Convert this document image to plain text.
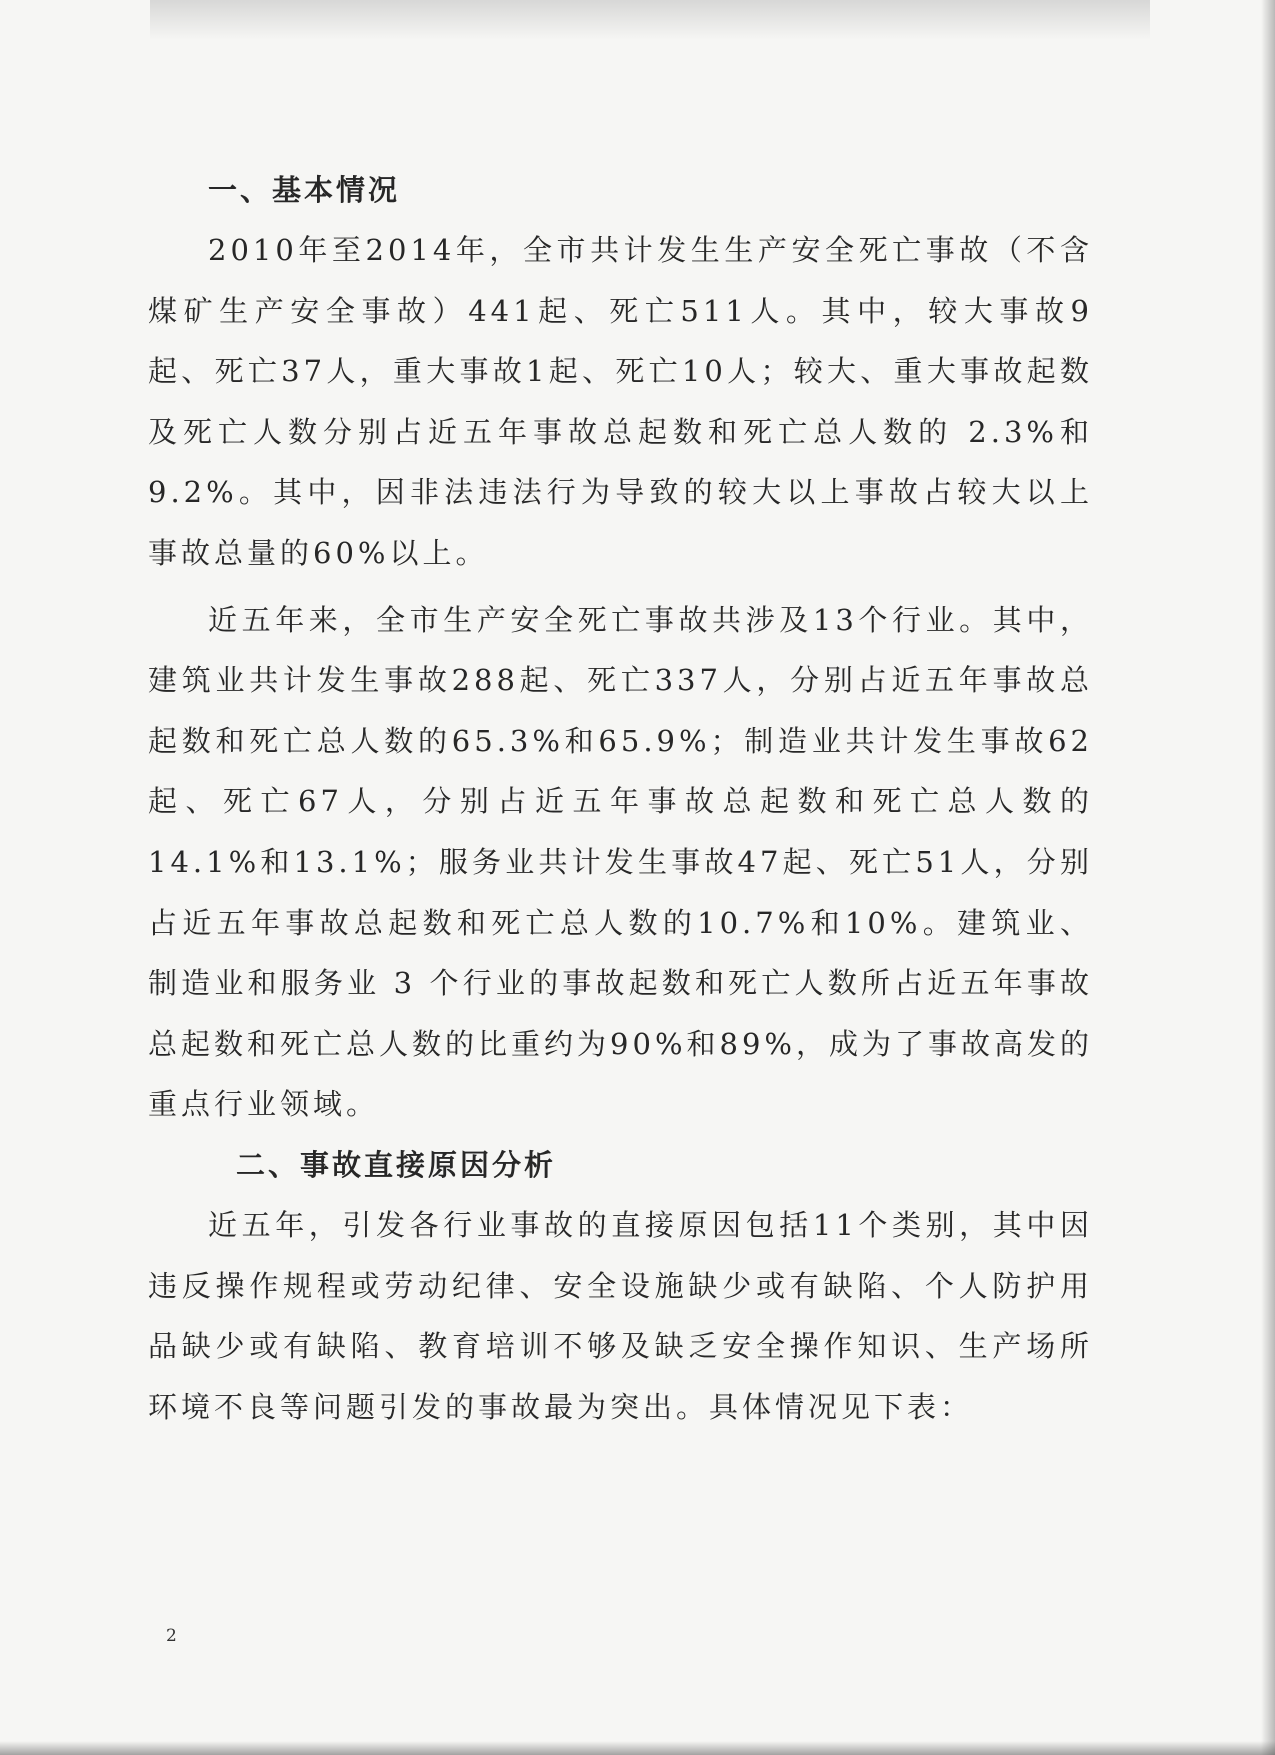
一、基本情况

2010年至2014年，全市共计发生生产安全死亡事故（不含煤矿生产安全事故）441起、死亡511人。其中，较大事故9起、死亡37人，重大事故1起、死亡10人；较大、重大事故起数及死亡人数分别占近五年事故总起数和死亡总人数的 2.3%和9.2%。其中，因非法违法行为导致的较大以上事故占较大以上事故总量的60%以上。

近五年来，全市生产安全死亡事故共涉及13个行业。其中，建筑业共计发生事故288起、死亡337人，分别占近五年事故总起数和死亡总人数的65.3%和65.9%；制造业共计发生事故62起、死亡67人，分别占近五年事故总起数和死亡总人数的14.1%和13.1%；服务业共计发生事故47起、死亡51人，分别占近五年事故总起数和死亡总人数的10.7%和10%。建筑业、制造业和服务业 3 个行业的事故起数和死亡人数所占近五年事故总起数和死亡总人数的比重约为90%和89%，成为了事故高发的重点行业领域。

二、事故直接原因分析

近五年，引发各行业事故的直接原因包括11个类别，其中因违反操作规程或劳动纪律、安全设施缺少或有缺陷、个人防护用品缺少或有缺陷、教育培训不够及缺乏安全操作知识、生产场所环境不良等问题引发的事故最为突出。具体情况见下表：

2
